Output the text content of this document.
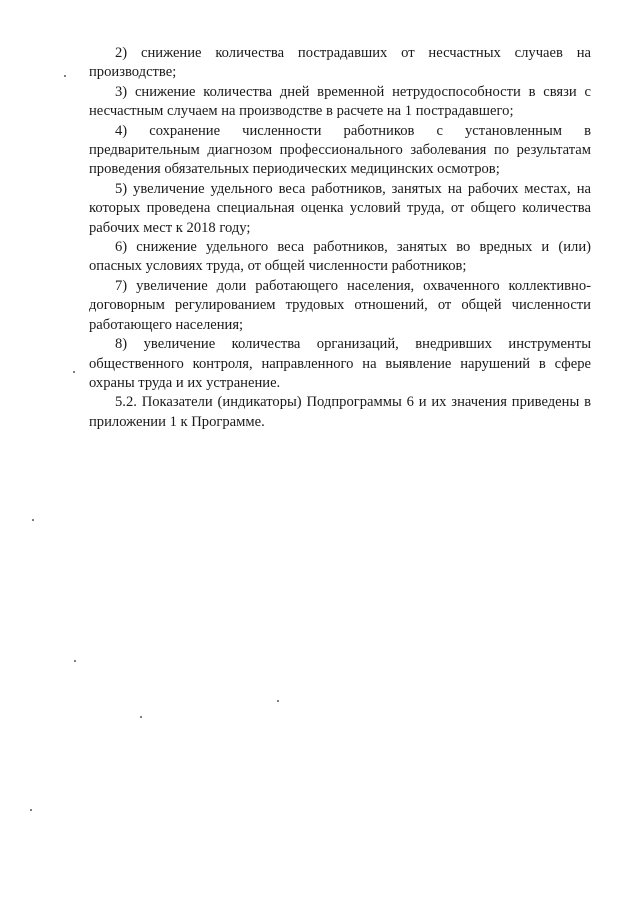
2) снижение количества пострадавших от несчастных случаев на производстве;

3) снижение количества дней временной нетрудоспособности в связи с несчастным случаем на производстве в расчете на 1 пострадавшего;

4) сохранение численности работников с установленным в предварительным диагнозом профессионального заболевания по результатам проведения обязательных периодических медицинских осмотров;

5) увеличение удельного веса работников, занятых на рабочих местах, на которых проведена специальная оценка условий труда, от общего количества рабочих мест к 2018 году;

6) снижение удельного веса работников, занятых во вредных и (или) опасных условиях труда, от общей численности работников;

7) увеличение доли работающего населения, охваченного коллективно-договорным регулированием трудовых отношений, от общей численности работающего населения;

8) увеличение количества организаций, внедривших инструменты общественного контроля, направленного на выявление нарушений в сфере охраны труда и их устранение.

5.2. Показатели (индикаторы) Подпрограммы 6 и их значения приведены в приложении 1 к Программе.
